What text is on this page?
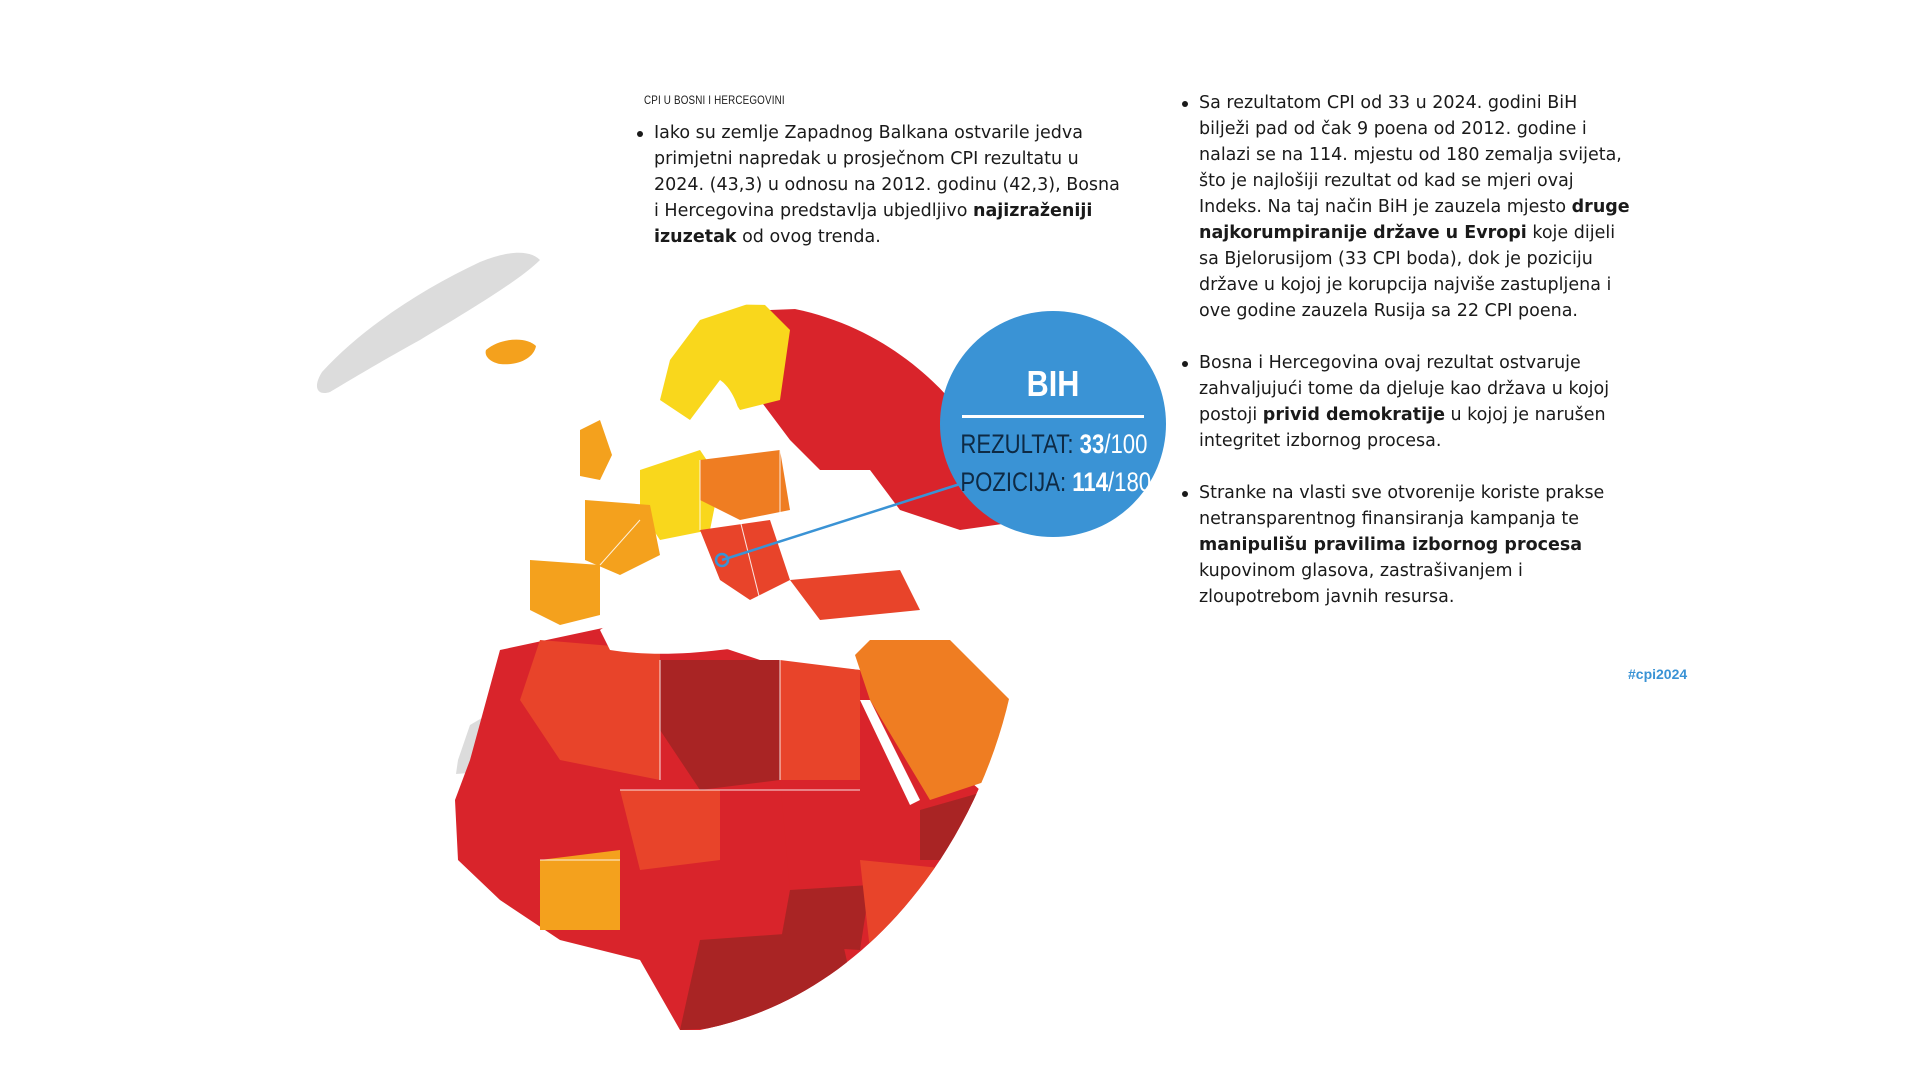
CPI U BOSNI I HERCEGOVINI
Iako su zemlje Zapadnog Balkana ostvarile jedva primjetni napredak u prosječnom CPI rezultatu u 2024. (43,3) u odnosu na 2012. godinu (42,3), Bosna i Hercegovina predstavlja ubjedljivo najizraženiji izuzetak od ovog trenda.
Sa rezultatom CPI od 33 u 2024. godini BiH bilježi pad od čak 9 poena od 2012. godine i nalazi se na 114. mjestu od 180 zemalja svijeta, što je najlošiji rezultat od kad se mjeri ovaj Indeks. Na taj način BiH je zauzela mjesto druge najkorumpiranije države u Evropi koje dijeli sa Bjelorusijom (33 CPI boda), dok je poziciju države u kojoj je korupcija najviše zastupljena i ove godine zauzela Rusija sa 22 CPI poena.
Bosna i Hercegovina ovaj rezultat ostvaruje zahvaljujući tome da djeluje kao država u kojoj postoji privid demokratije u kojoj je narušen integritet izbornog procesa.
Stranke na vlasti sve otvorenije koriste prakse netransparentnog finansiranja kampanja te manipulišu pravilima izbornog procesa kupovinom glasova, zastrašivanjem i zloupotrebom javnih resursa.
BIH
REZULTAT: 33/100
POZICIJA: 114/180
#cpi2024
